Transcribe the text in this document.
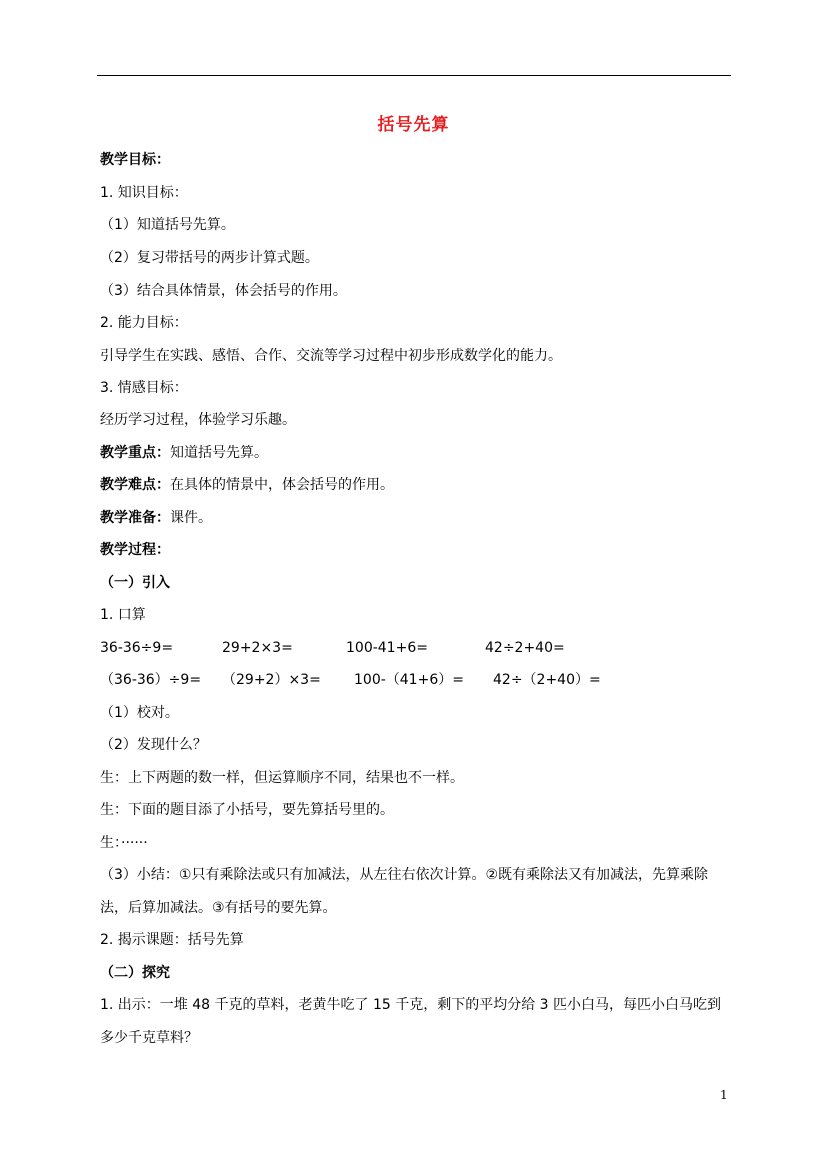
括号先算
教学目标：
1. 知识目标：
（1）知道括号先算。
（2）复习带括号的两步计算式题。
（3）结合具体情景，体会括号的作用。
2. 能力目标：
引导学生在实践、感悟、合作、交流等学习过程中初步形成数学化的能力。
3. 情感目标：
经历学习过程，体验学习乐趣。
教学重点：知道括号先算。
教学难点：在具体的情景中，体会括号的作用。
教学准备：课件。
教学过程：
（一）引入
1. 口算
36-36÷9=	29+2×3=	100-41+6=	42÷2+40=
（36-36）÷9= （29+2）×3= 100-（41+6）= 42÷（2+40）=
（1）校对。
（2）发现什么？
生：上下两题的数一样，但运算顺序不同，结果也不一样。
生：下面的题目添了小括号，要先算括号里的。
生：······
（3）小结：①只有乘除法或只有加减法，从左往右依次计算。②既有乘除法又有加减法，先算乘除
法，后算加减法。③有括号的要先算。
2. 揭示课题：括号先算
（二）探究
1. 出示：一堆 48 千克的草料，老黄牛吃了 15 千克，剩下的平均分给 3 匹小白马，每匹小白马吃到
多少千克草料？
1
